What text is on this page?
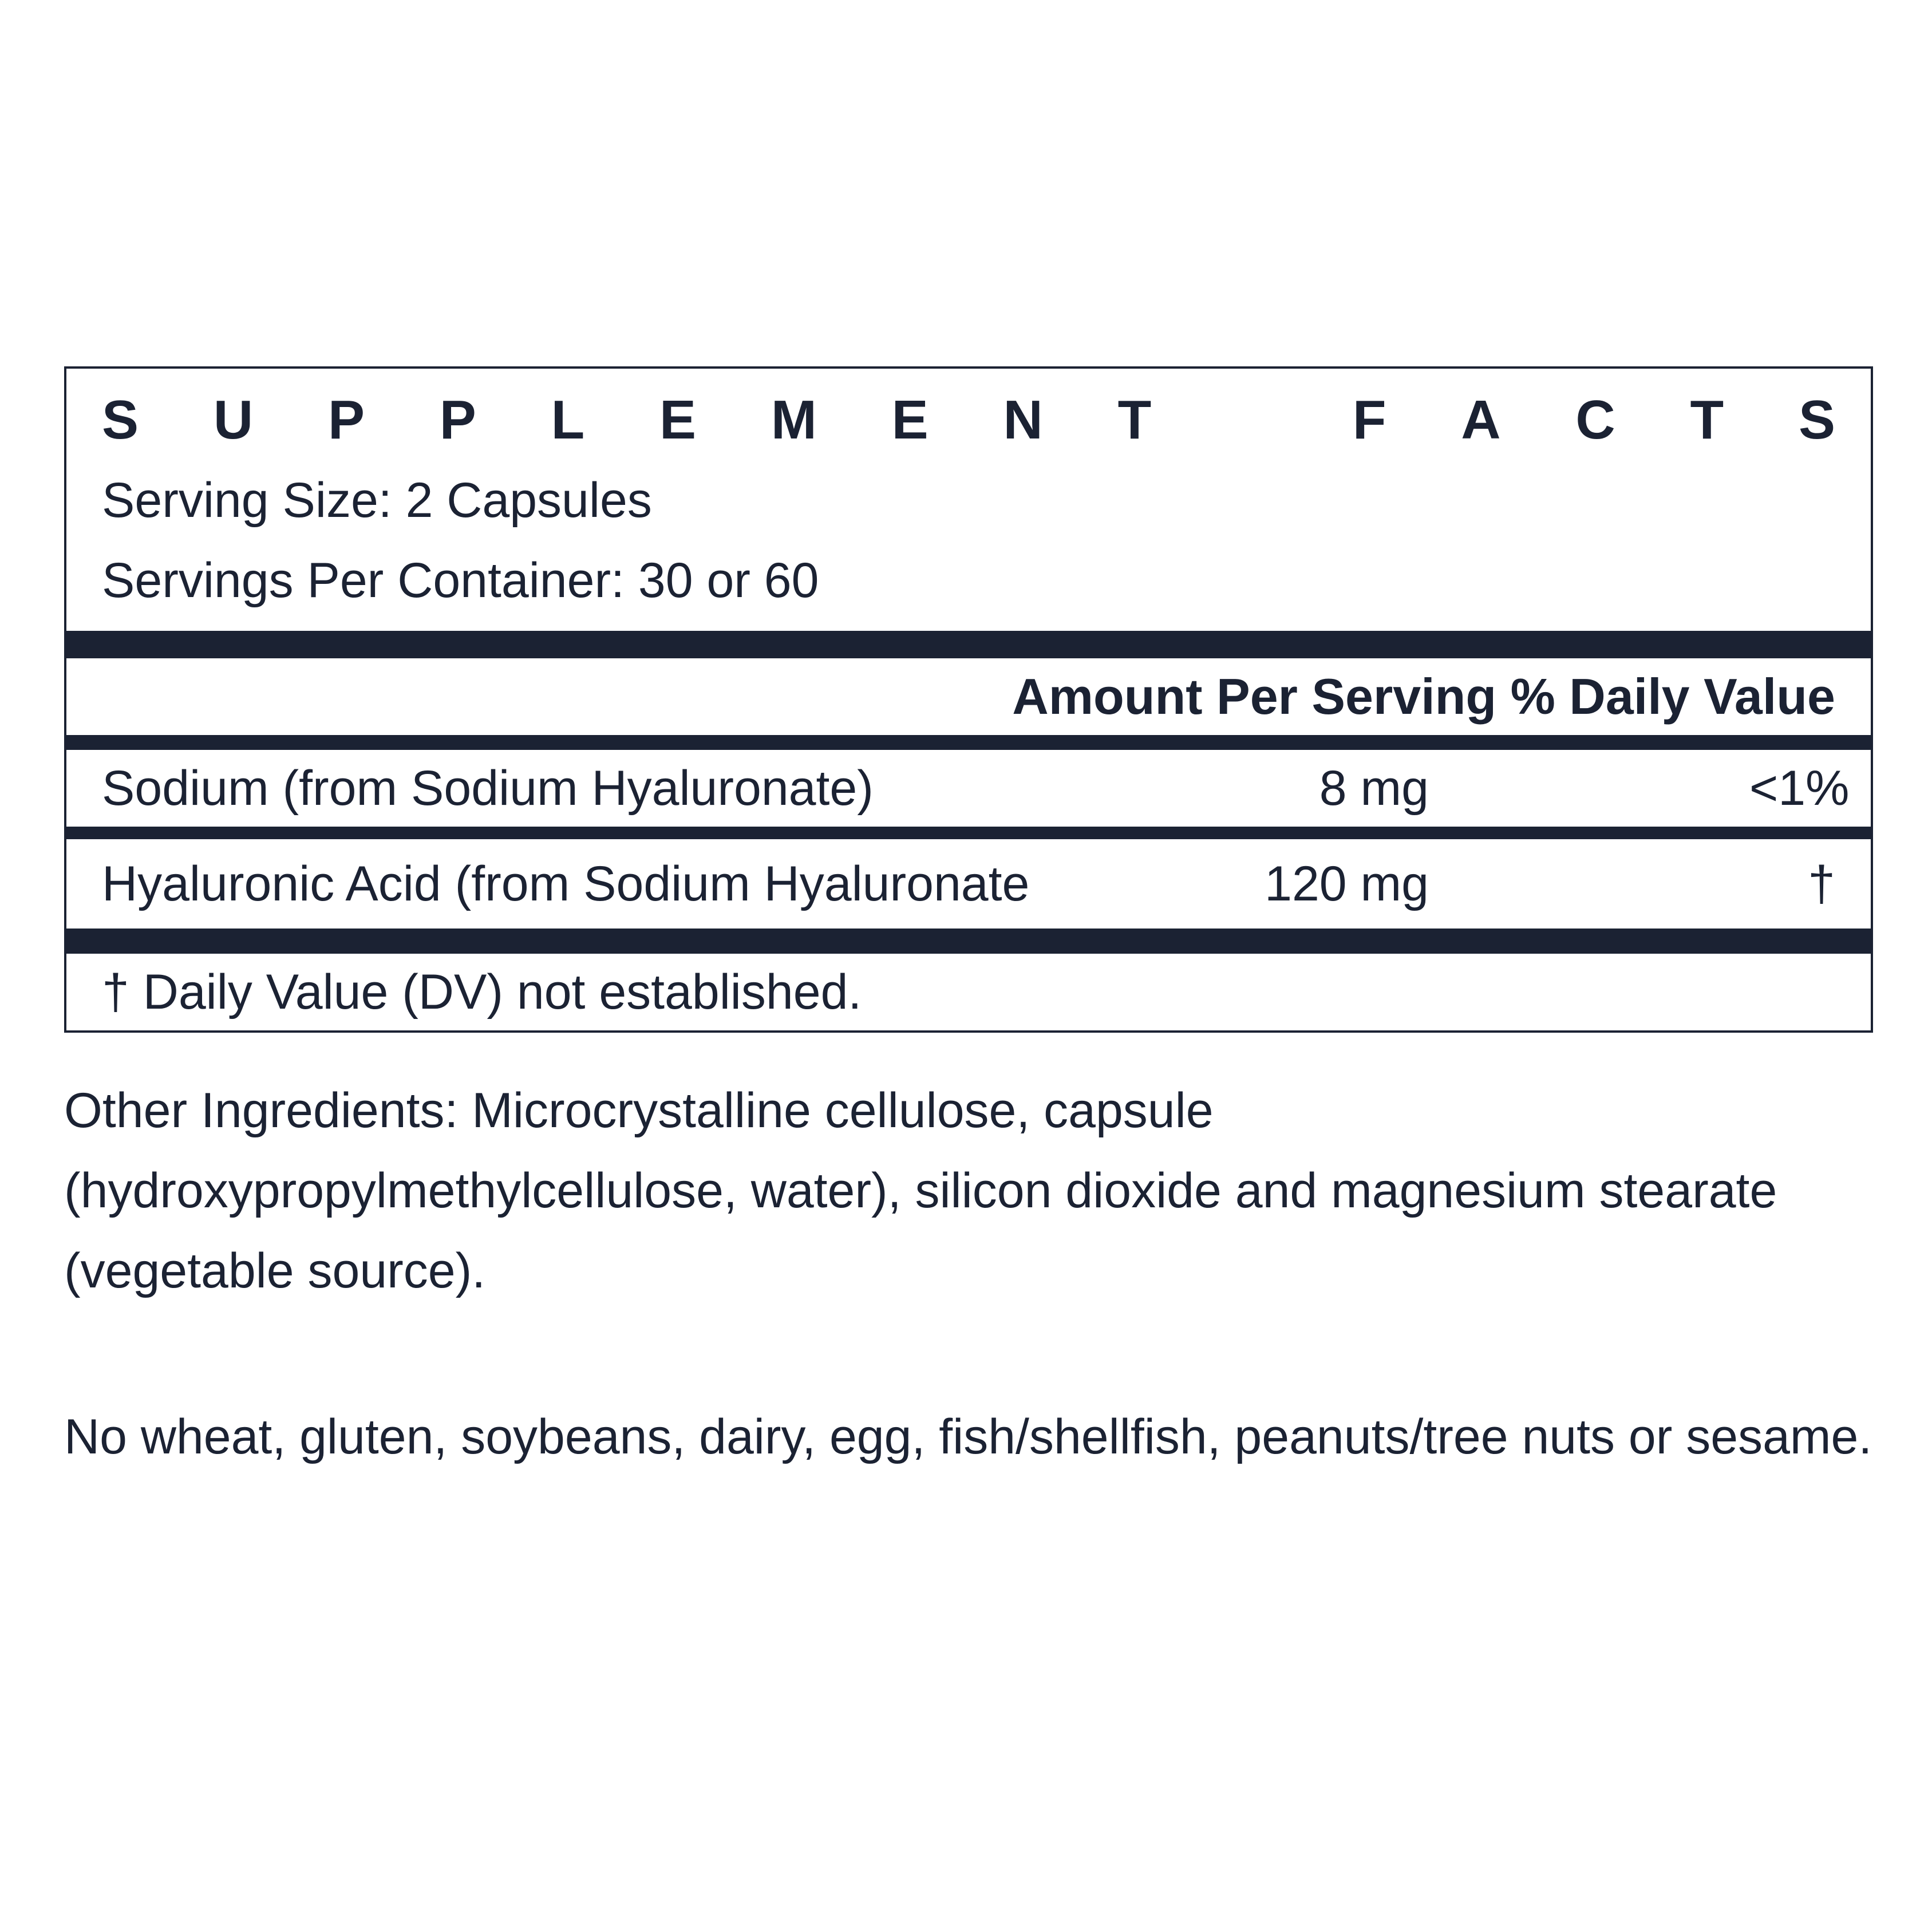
S U P P L E M E N T	F A C T S
Serving Size: 2 Capsules
Servings Per Container: 30 or 60
Amount Per Serving % Daily Value
Sodium (from Sodium Hyaluronate)	8 mg	<1%
Hyaluronic Acid (from Sodium Hyaluronate	120 mg	†
† Daily Value (DV) not established.
Other Ingredients: Microcrystalline cellulose, capsule (hydroxypropylmethylcellulose, water), silicon dioxide and magnesium stearate (vegetable source).
No wheat, gluten, soybeans, dairy, egg, fish/shellfish, peanuts/tree nuts or sesame.
